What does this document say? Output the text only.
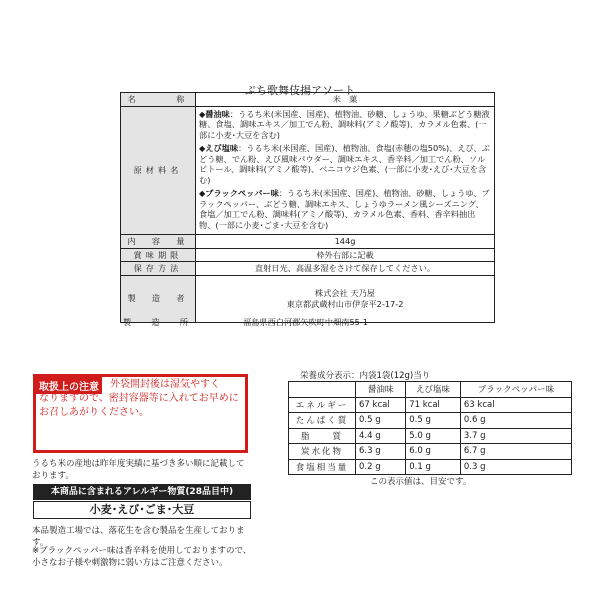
ぷち歌舞伎揚アソート
名　　　称	米　菓
原材料名	◆醤油味：うるち米(米国産、国産)、植物油、砂糖、しょうゆ、果糖ぶどう糖液糖、食塩、調味エキス／加工でん粉、調味料(アミノ酸等)、カラメル色素、(一部に小麦･大豆を含む)
◆えび塩味：うるち米(米国産、国産)、植物油、食塩(赤穂の塩50%)、えび、ぶどう糖、でん粉、えび風味パウダー、調味エキス、香辛料／加工でん粉、ソルビトール、調味料(アミノ酸等)、ベニコウジ色素、(一部に小麦･えび･大豆を含む)
◆ブラックペッパー味：うるち米(米国産、国産)、植物油、砂糖、しょうゆ、ブラックペッパー、ぶどう糖、調味エキス、しょうゆラーメン風シーズニング、食塩／加工でん粉、調味料(アミノ酸等)、カラメル色素、香料、香辛料抽出物、(一部に小麦･ごま･大豆を含む)

内　容　量	144g
賞味期限	枠外右部に記載
保存方法	直射日光、高温多湿をさけて保存してください。
製　造　者	株式会社 天乃屋
東京都武蔵村山市伊奈平2-17-2
製　造　所	福島県西白河郡矢吹町中畑南55-1
取扱上の注意	外袋開封後は湿気やすく
なりますので、密封容器等に入れてお早めにお召しあがりください。
うるち米の産地は昨年度実績に基づき多い順に記載しております。
本商品に含まれるアレルギー物質(28品目中)
小麦･えび･ごま･大豆
本品製造工場では、落花生を含む製品を生産しております。
※ブラックペッパー味は香辛料を使用しておりますので、小さなお子様や刺激物に弱い方はご注意ください。
栄養成分表示：内袋1袋(12g)当り
	醤油味	えび塩味	ブラックペッパー味
エネルギー	67 kcal	71 kcal	63 kcal
たんぱく質	0.5 g	0.5 g	0.6 g
脂　　質	4.4 g	5.0 g	3.7 g
炭水化物	6.3 g	6.0 g	6.7 g
食塩相当量	0.2 g	0.1 g	0.3 g
この表示値は、目安です。
